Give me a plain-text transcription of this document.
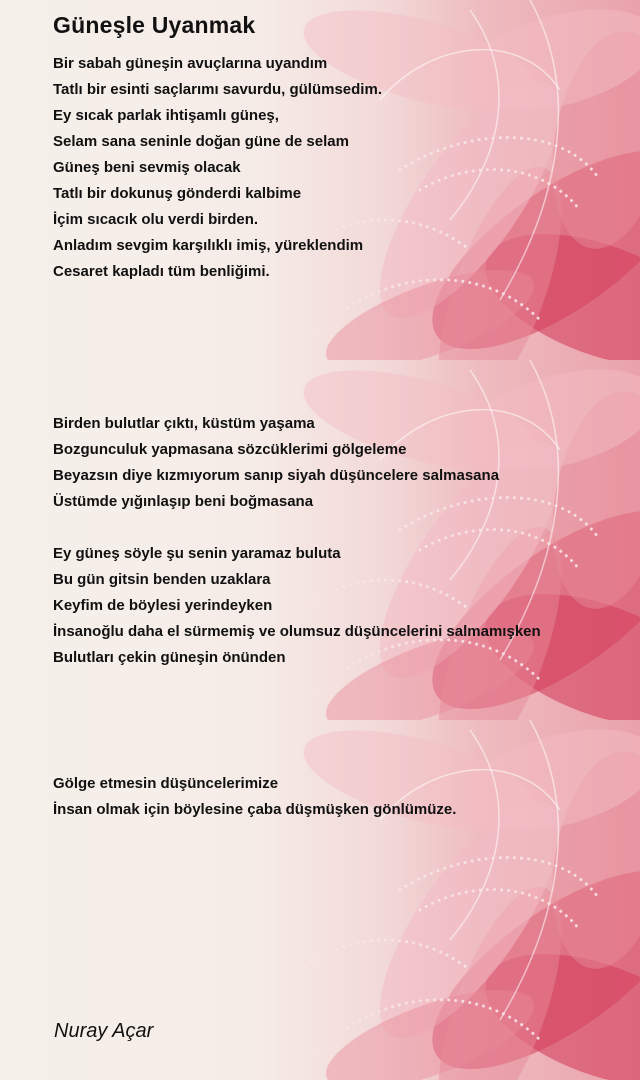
Güneşle Uyanmak
Bir sabah güneşin avuçlarına uyandım
Tatlı bir esinti saçlarımı savurdu, gülümsedim.
Ey sıcak parlak ihtişamlı güneş,
Selam sana seninle doğan güne de selam
Güneş beni sevmiş olacak
Tatlı bir dokunuş gönderdi kalbime
İçim sıcacık olu verdi birden.
Anladım sevgim karşılıklı imiş, yüreklendim
Cesaret kapladı tüm benliğimi.
Birden bulutlar çıktı, küstüm yaşama
Bozgunculuk yapmasana sözcüklerimi gölgeleme
Beyazsın diye kızmıyorum sanıp siyah düşüncelere salmasana
Üstümde yığınlaşıp beni boğmasana
Ey güneş söyle şu senin yaramaz buluta
Bu gün gitsin benden uzaklara
Keyfim de böylesi yerindeyken
İnsanoğlu daha el sürmemiş ve olumsuz düşüncelerini salmamışken
Bulutları çekin güneşin önünden
Gölge etmesin düşüncelerimize
İnsan olmak için böylesine çaba düşmüşken gönlümüze.

Nuray Açar
